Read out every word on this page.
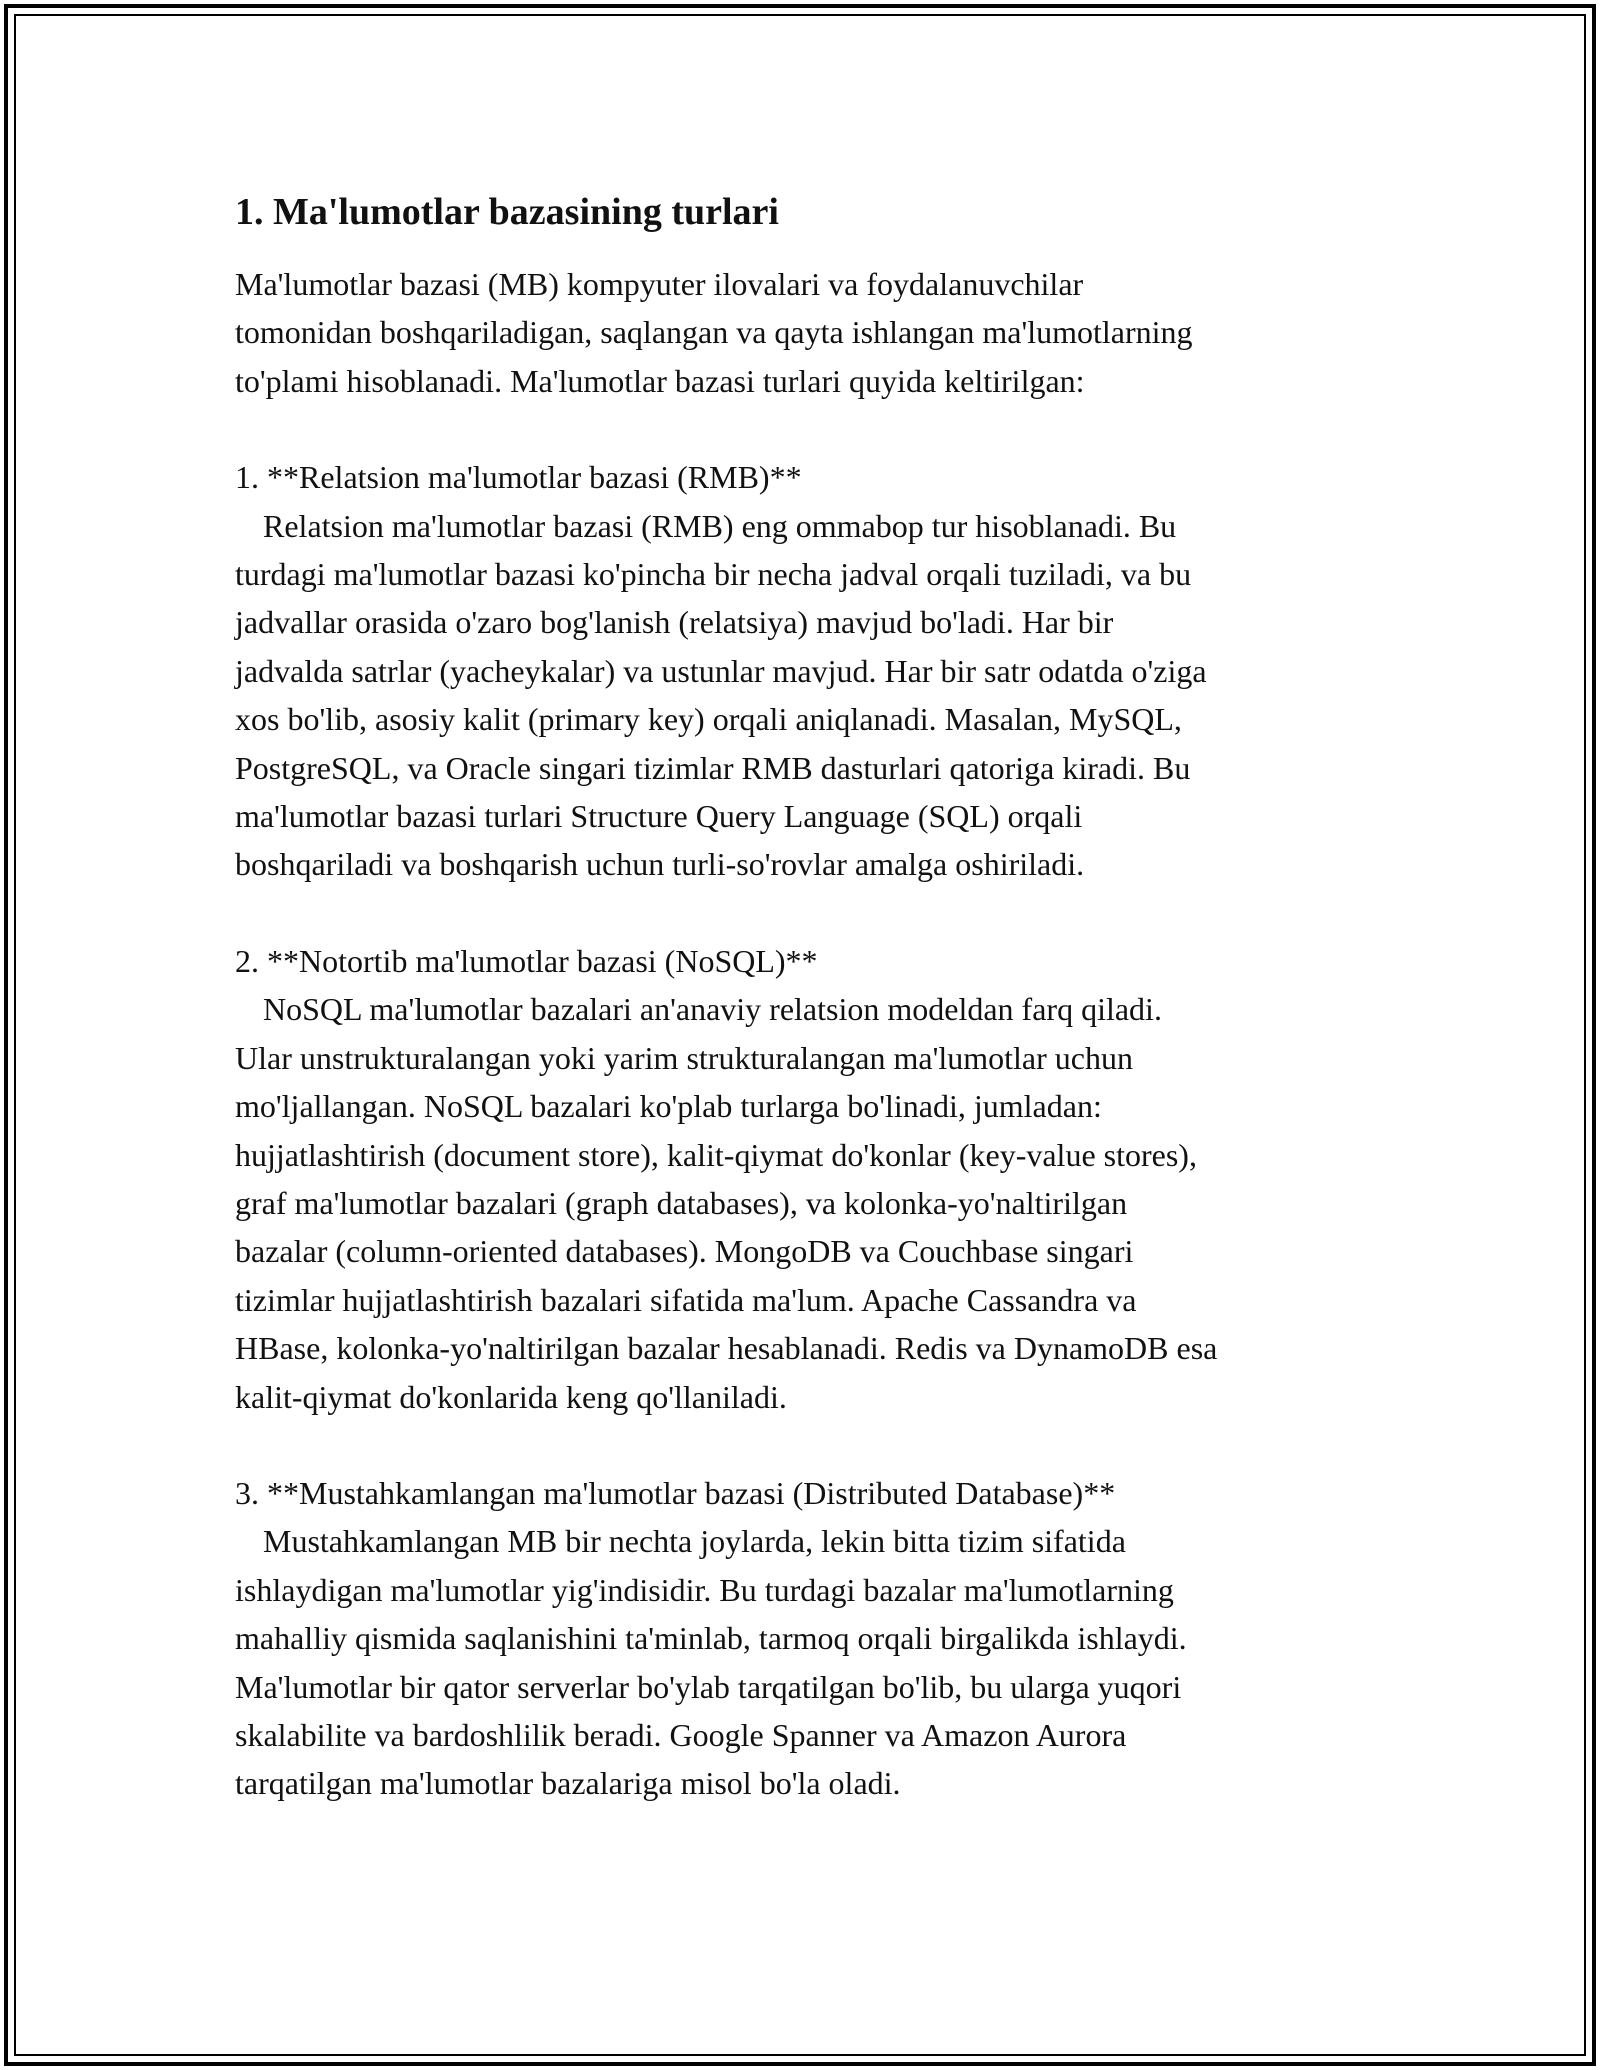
1. Ma'lumotlar bazasining turlari

Ma'lumotlar bazasi (MB) kompyuter ilovalari va foydalanuvchilar

tomonidan boshqariladigan, saqlangan va qayta ishlangan ma'lumotlarning

to'plami hisoblanadi. Ma'lumotlar bazasi turlari quyida keltirilgan:

1. **Relatsion ma'lumotlar bazasi (RMB)**

Relatsion ma'lumotlar bazasi (RMB) eng ommabop tur hisoblanadi. Bu

turdagi ma'lumotlar bazasi ko'pincha bir necha jadval orqali tuziladi, va bu

jadvallar orasida o'zaro bog'lanish (relatsiya) mavjud bo'ladi. Har bir

jadvalda satrlar (yacheykalar) va ustunlar mavjud. Har bir satr odatda o'ziga

xos bo'lib, asosiy kalit (primary key) orqali aniqlanadi. Masalan, MySQL,

PostgreSQL, va Oracle singari tizimlar RMB dasturlari qatoriga kiradi. Bu

ma'lumotlar bazasi turlari Structure Query Language (SQL) orqali

boshqariladi va boshqarish uchun turli-so'rovlar amalga oshiriladi.

2. **Notortib ma'lumotlar bazasi (NoSQL)**

NoSQL ma'lumotlar bazalari an'anaviy relatsion modeldan farq qiladi.

Ular unstrukturalangan yoki yarim strukturalangan ma'lumotlar uchun

mo'ljallangan. NoSQL bazalari ko'plab turlarga bo'linadi, jumladan:

hujjatlashtirish (document store), kalit-qiymat do'konlar (key-value stores),

graf ma'lumotlar bazalari (graph databases), va kolonka-yo'naltirilgan

bazalar (column-oriented databases). MongoDB va Couchbase singari

tizimlar hujjatlashtirish bazalari sifatida ma'lum. Apache Cassandra va

HBase, kolonka-yo'naltirilgan bazalar hesablanadi. Redis va DynamoDB esa

kalit-qiymat do'konlarida keng qo'llaniladi.

3. **Mustahkamlangan ma'lumotlar bazasi (Distributed Database)**

Mustahkamlangan MB bir nechta joylarda, lekin bitta tizim sifatida

ishlaydigan ma'lumotlar yig'indisidir. Bu turdagi bazalar ma'lumotlarning

mahalliy qismida saqlanishini ta'minlab, tarmoq orqali birgalikda ishlaydi.

Ma'lumotlar bir qator serverlar bo'ylab tarqatilgan bo'lib, bu ularga yuqori

skalabilite va bardoshlilik beradi. Google Spanner va Amazon Aurora

tarqatilgan ma'lumotlar bazalariga misol bo'la oladi.
